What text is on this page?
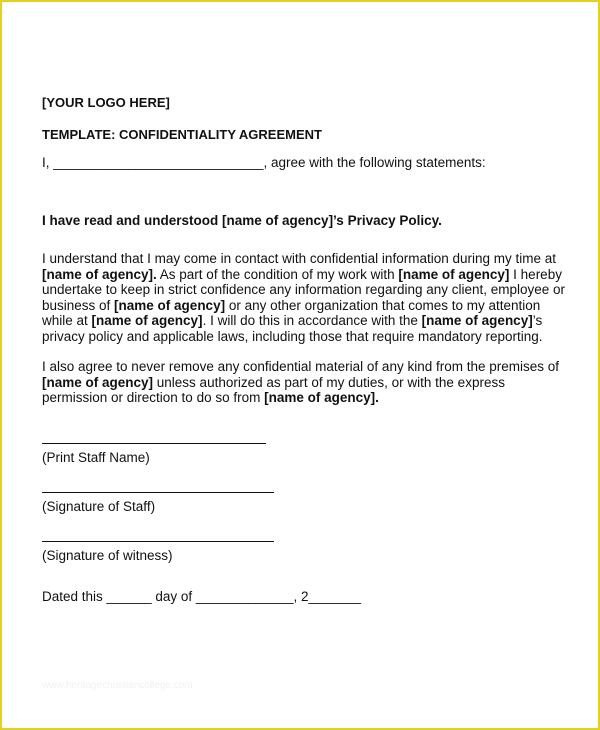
[YOUR LOGO HERE]

TEMPLATE: CONFIDENTIALITY AGREEMENT

I, ____________________________, agree with the following statements:

I have read and understood [name of agency]’s Privacy Policy.

I understand that I may come in contact with confidential information during my time at [name of agency]. As part of the condition of my work with [name of agency] I hereby undertake to keep in strict confidence any information regarding any client, employee or business of [name of agency] or any other organization that comes to my attention while at [name of agency]. I will do this in accordance with the [name of agency]’s privacy policy and applicable laws, including those that require mandatory reporting.

I also agree to never remove any confidential material of any kind from the premises of [name of agency] unless authorized as part of my duties, or with the express permission or direction to do so from [name of agency].

(Print Staff Name)
(Signature of Staff)
(Signature of witness)
Dated this ______ day of _____________, 2_______
www.heritagechristiancollege.com
